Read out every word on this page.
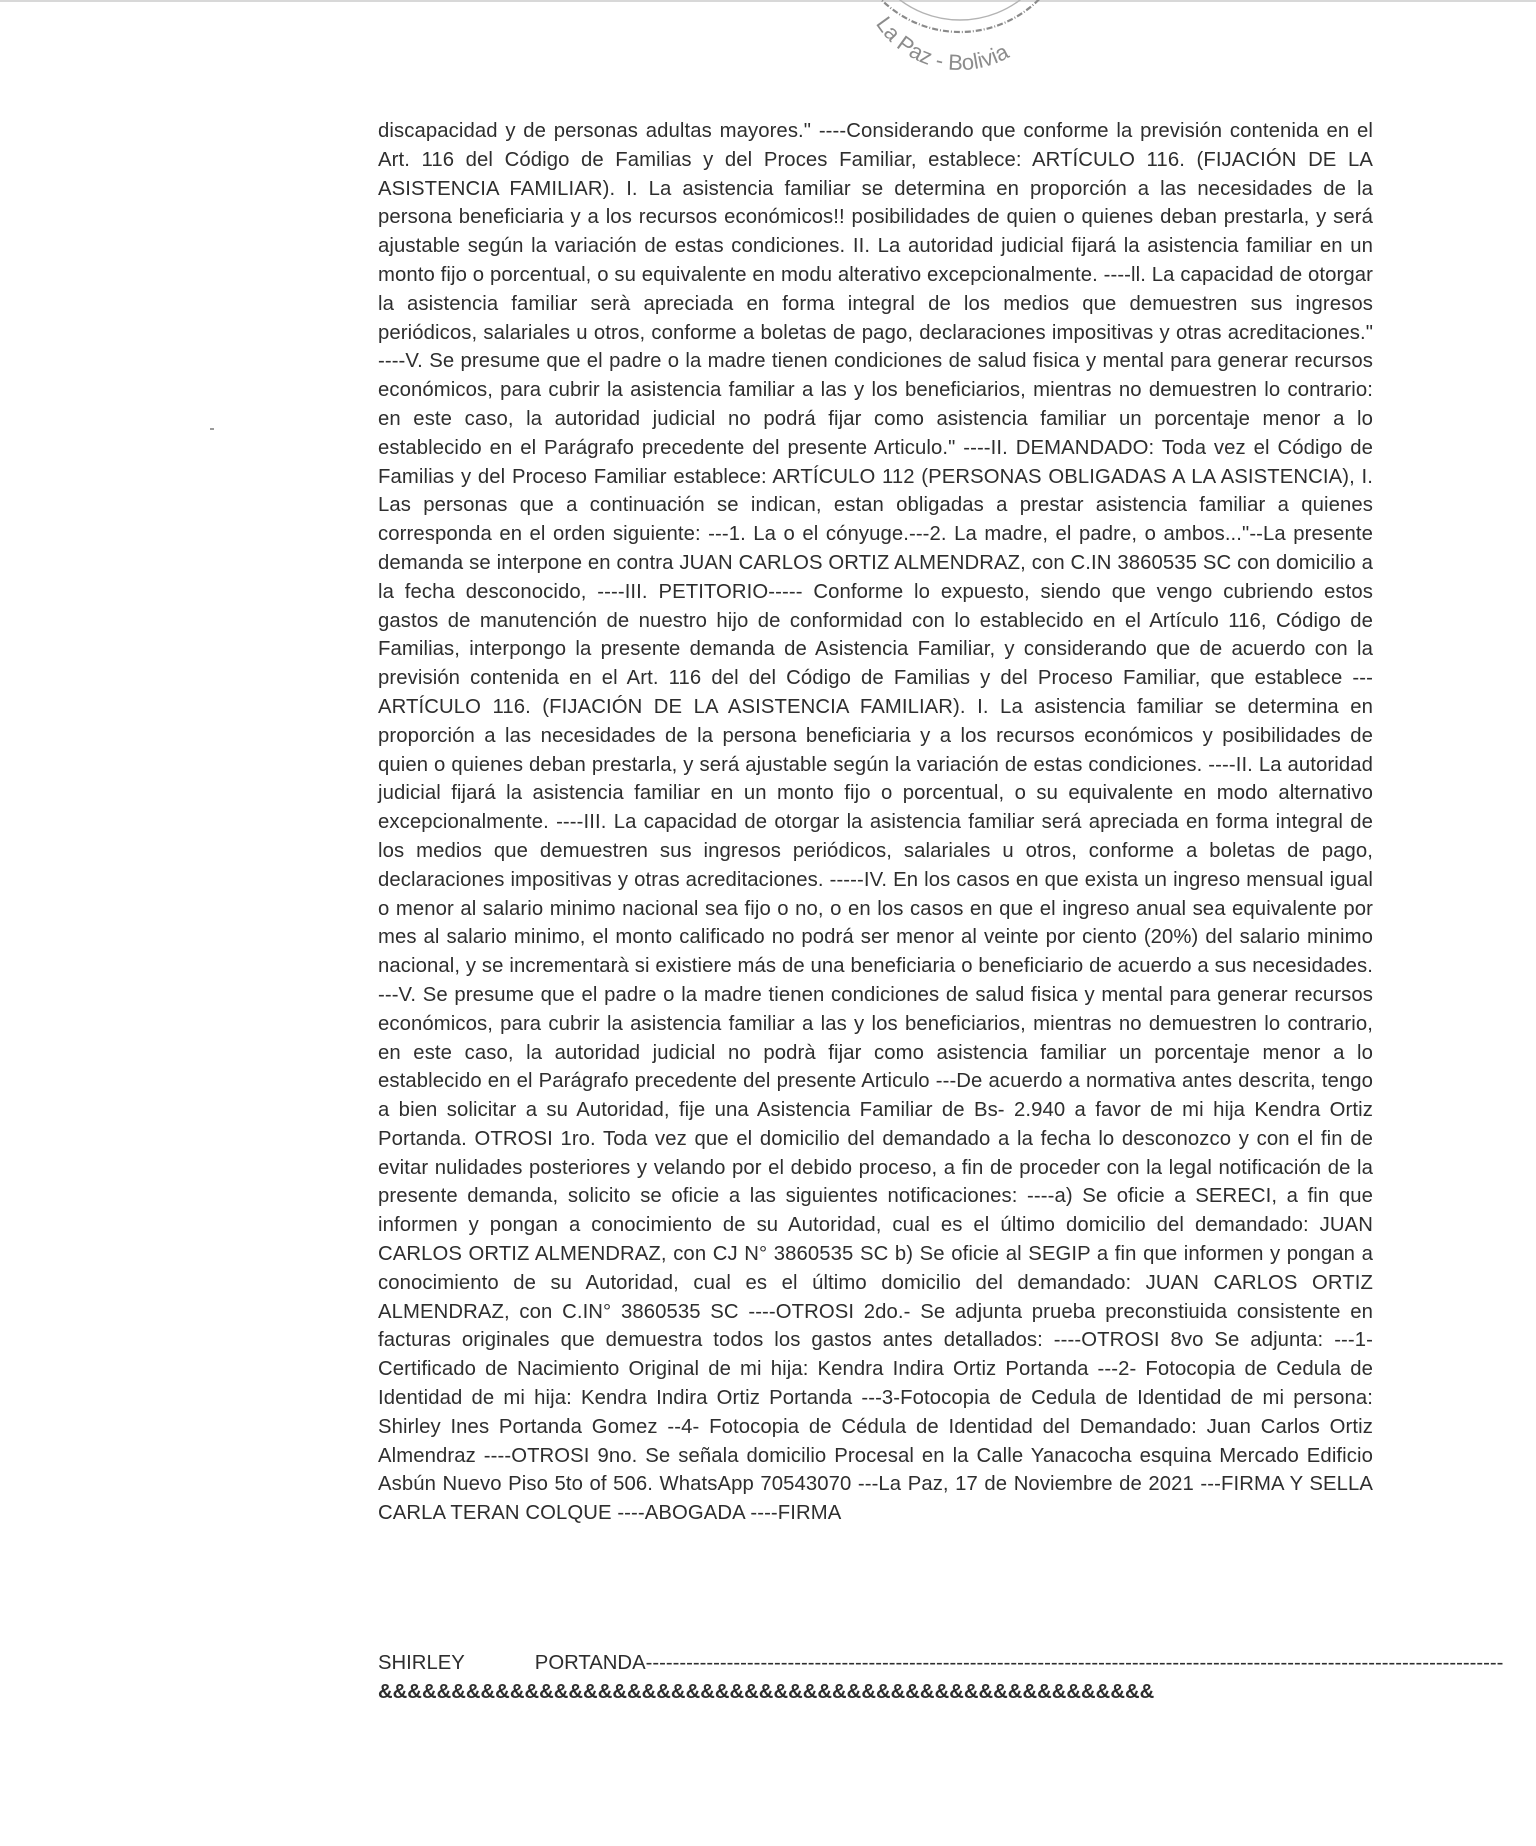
La Paz - Bolivia

discapacidad y de personas adultas mayores." ----Considerando que conforme la previsión contenida en el Art. 116 del Código de Familias y del Proces Familiar, establece: ARTÍCULO 116. (FIJACIÓN DE LA ASISTENCIA FAMILIAR). I. La asistencia familiar se determina en proporción a las necesidades de la persona beneficiaria y a los recursos económicos!! posibilidades de quien o quienes deban prestarla, y será ajustable según la variación de estas condiciones. II. La autoridad judicial fijará la asistencia familiar en un monto fijo o porcentual, o su equivalente en modu alterativo excepcionalmente. ----ll. La capacidad de otorgar la asistencia familiar serà apreciada en forma integral de los medios que demuestren sus ingresos periódicos, salariales u otros, conforme a boletas de pago, declaraciones impositivas y otras acreditaciones." ----V. Se presume que el padre o la madre tienen condiciones de salud fisica y mental para generar recursos económicos, para cubrir la asistencia familiar a las y los beneficiarios, mientras no demuestren lo contrario: en este caso, la autoridad judicial no podrá fijar como asistencia familiar un porcentaje menor a lo establecido en el Parágrafo precedente del presente Articulo." ----II. DEMANDADO: Toda vez el Código de Familias y del Proceso Familiar establece: ARTÍCULO 112 (PERSONAS OBLIGADAS A LA ASISTENCIA), I. Las personas que a continuación se indican, estan obligadas a prestar asistencia familiar a quienes corresponda en el orden siguiente: ---1. La o el cónyuge.---2. La madre, el padre, o ambos..."--La presente demanda se interpone en contra JUAN CARLOS ORTIZ ALMENDRAZ, con C.IN 3860535 SC con domicilio a la fecha desconocido, ----III. PETITORIO----- Conforme lo expuesto, siendo que vengo cubriendo estos gastos de manutención de nuestro hijo de conformidad con lo establecido en el Artículo 116, Código de Familias, interpongo la presente demanda de Asistencia Familiar, y considerando que de acuerdo con la previsión contenida en el Art. 116 del del Código de Familias y del Proceso Familiar, que establece ---ARTÍCULO 116. (FIJACIÓN DE LA ASISTENCIA FAMILIAR). I. La asistencia familiar se determina en proporción a las necesidades de la persona beneficiaria y a los recursos económicos y posibilidades de quien o quienes deban prestarla, y será ajustable según la variación de estas condiciones. ----II. La autoridad judicial fijará la asistencia familiar en un monto fijo o porcentual, o su equivalente en modo alternativo excepcionalmente. ----III. La capacidad de otorgar la asistencia familiar será apreciada en forma integral de los medios que demuestren sus ingresos periódicos, salariales u otros, conforme a boletas de pago, declaraciones impositivas y otras acreditaciones. -----IV. En los casos en que exista un ingreso mensual igual o menor al salario minimo nacional sea fijo o no, o en los casos en que el ingreso anual sea equivalente por mes al salario minimo, el monto calificado no podrá ser menor al veinte por ciento (20%) del salario minimo nacional, y se incrementarà si existiere más de una beneficiaria o beneficiario de acuerdo a sus necesidades. ---V. Se presume que el padre o la madre tienen condiciones de salud fisica y mental para generar recursos económicos, para cubrir la asistencia familiar a las y los beneficiarios, mientras no demuestren lo contrario, en este caso, la autoridad judicial no podrà fijar como asistencia familiar un porcentaje menor a lo establecido en el Parágrafo precedente del presente Articulo ---De acuerdo a normativa antes descrita, tengo a bien solicitar a su Autoridad, fije una Asistencia Familiar de Bs- 2.940 a favor de mi hija Kendra Ortiz Portanda. OTROSI 1ro. Toda vez que el domicilio del demandado a la fecha lo desconozco y con el fin de evitar nulidades posteriores y velando por el debido proceso, a fin de proceder con la legal notificación de la presente demanda, solicito se oficie a las siguientes notificaciones: ----a) Se oficie a SERECI, a fin que informen y pongan a conocimiento de su Autoridad, cual es el último domicilio del demandado: JUAN CARLOS ORTIZ ALMENDRAZ, con CJ N° 3860535 SC b) Se oficie al SEGIP a fin que informen y pongan a conocimiento de su Autoridad, cual es el último domicilio del demandado: JUAN CARLOS ORTIZ ALMENDRAZ, con C.IN° 3860535 SC ----OTROSI 2do.- Se adjunta prueba preconstiuida consistente en facturas originales que demuestra todos los gastos antes detallados: ----OTROSI 8vo Se adjunta: ---1- Certificado de Nacimiento Original de mi hija: Kendra Indira Ortiz Portanda ---2- Fotocopia de Cedula de Identidad de mi hija: Kendra Indira Ortiz Portanda ---3-Fotocopia de Cedula de Identidad de mi persona: Shirley Ines Portanda Gomez --4- Fotocopia de Cédula de Identidad del Demandado: Juan Carlos Ortiz Almendraz ----OTROSI 9no. Se señala domicilio Procesal en la Calle Yanacocha esquina Mercado Edificio Asbún Nuevo Piso 5to of 506. WhatsApp 70543070 ---La Paz, 17 de Noviembre de 2021 ---FIRMA Y SELLA CARLA TERAN COLQUE ----ABOGADA ----FIRMA

SHIRLEY	PORTANDA-------------------------------------------------------------------------------------------------------------------------------
&&&&&&&&&&&&&&&&&&&&&&&&&&&&&&&&&&&&&&&&&&&&&&&&&&&&&
